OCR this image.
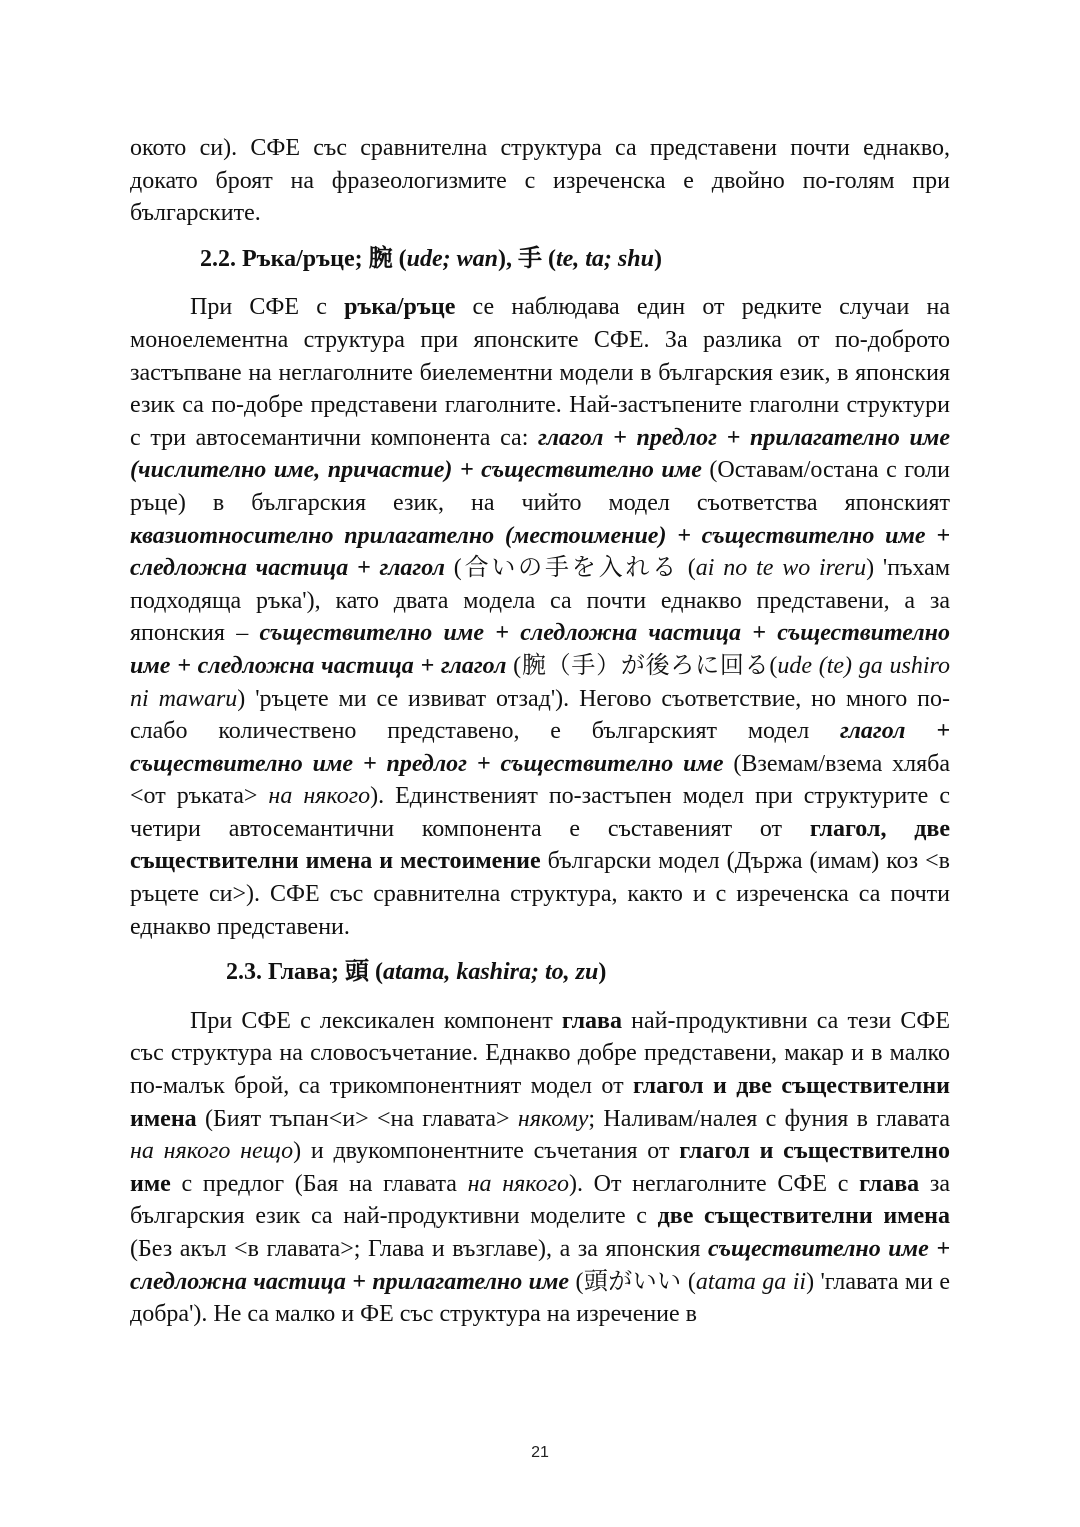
окото си). СФЕ със сравнителна структура са представени почти еднакво, докато броят на фразеологизмите с изреченска е двойно по-голям при българските.

2.2. Ръка/ръце; 腕 (ude; wan), 手 (te, ta; shu)

При СФЕ с ръка/ръце се наблюдава един от редките случаи на моноелементна структура при японските СФЕ. За разлика от по-доброто застъпване на неглаголните биелементни модели в българския език, в японския език са по-добре представени глаголните. Най-застъпените глаголни структури с три автосемантични компонента са: глагол + предлог + прилагателно име (числително име, причастие) + съществително име (Оставам/остана с голи ръце) в българския език, на чийто модел съответства японският квазиотносително прилагателно (местоимение) + съществително име + следложна частица + глагол (合いの手を入れる (ai no te wo ireru) 'пъхам подходяща ръка'), като двата модела са почти еднакво представени, а за японския – съществително име + следложна частица + съществително име + следложна частица + глагол (腕（手）が後ろに回る(ude (te) ga ushiro ni mawaru) 'ръцете ми се извиват отзад'). Негово съответствие, но много по-слабо количествено представено, е българският модел глагол + съществително име + предлог + съществително име (Вземам/взема хляба <от ръката> на някого). Единственият по-застъпен модел при структурите с четири автосемантични компонента е съставеният от глагол, две съществителни имена и местоимение български модел (Държа (имам) коз <в ръцете си>). СФЕ със сравнителна структура, както и с изреченска са почти еднакво представени.

2.3. Глава; 頭 (atama, kashira; to, zu)

При СФЕ с лексикален компонент глава най-продуктивни са тези СФЕ със структура на словосъчетание. Еднакво добре представени, макар и в малко по-малък брой, са трикомпонентният модел от глагол и две съществителни имена (Бият тъпан<и> <на главата> някому; Наливам/налея с фуния в главата на някого нещо) и двукомпонентните съчетания от глагол и съществително име с предлог (Бая на главата на някого). От неглаголните СФЕ с глава за българския език са най-продуктивни моделите с две съществителни имена (Без акъл <в главата>; Глава и възглаве), а за японския съществително име + следложна частица + прилагателно име (頭がいい (atama ga ii) 'главата ми е добра'). Не са малко и ФЕ със структура на изречение в

21
